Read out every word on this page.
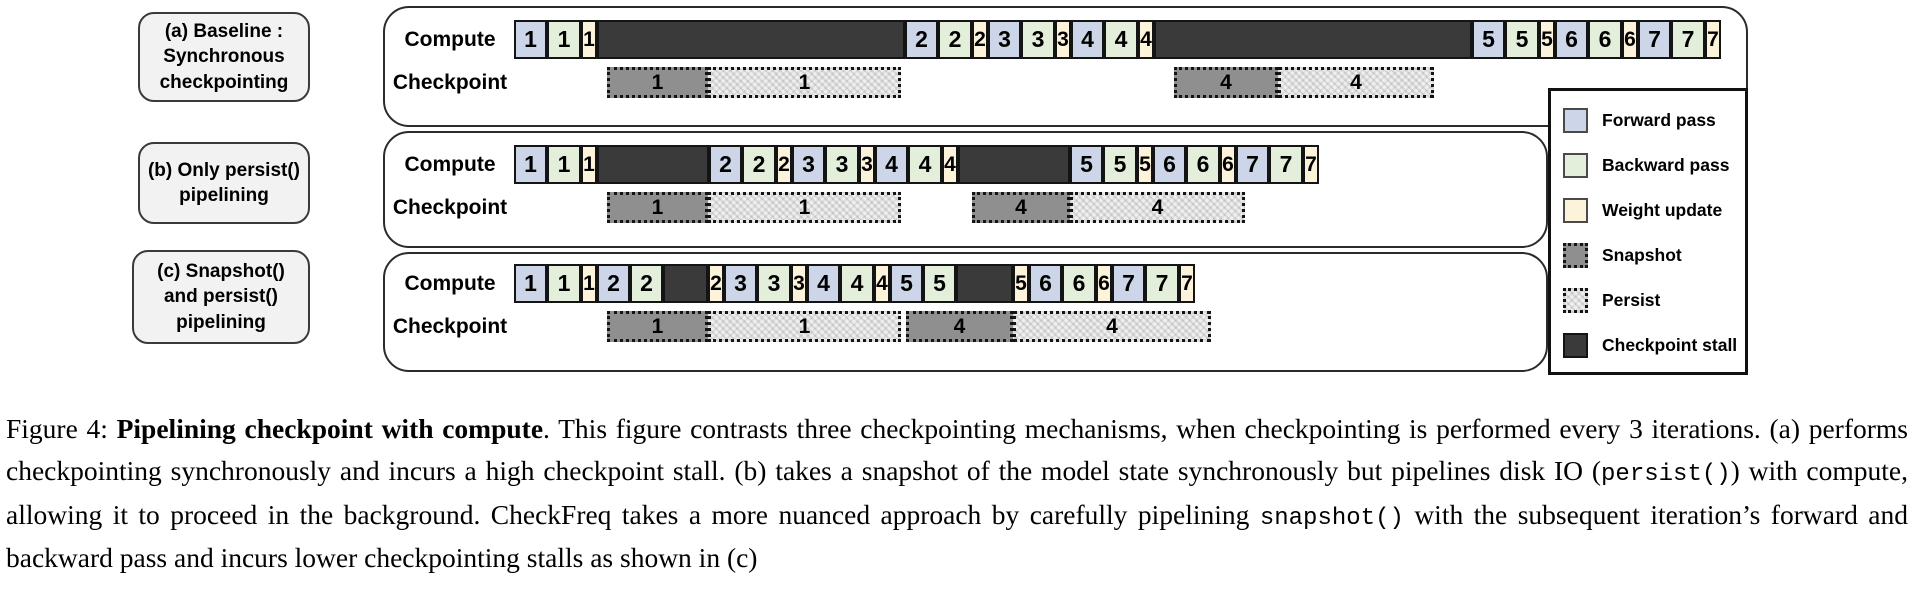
(a) Baseline :
Synchronous
checkpointing
Compute	1 1 1	2 2 2 3 3 3 4 4 4	5 5 5 6 6 6 7 7 7
Checkpoint	1	1	4	4
(b) Only persist()
pipelining
Compute	1 1 1	2 2 2 3 3 3 4 4 4	5 5 5 6 6 6 7 7 7
Checkpoint	1	1	4	4
(c) Snapshot()
and persist()
pipelining
Compute	1 1 1 2 2	2 3 3 3 4 4 4 5 5	5 6 6 6 7 7 7
Checkpoint	1	1	4	4
Forward pass
Backward pass
Weight update
Snapshot
Persist
Checkpoint stall

Figure 4: Pipelining checkpoint with compute. This figure contrasts three checkpointing mechanisms, when checkpointing is performed every 3 iterations. (a) performs checkpointing synchronously and incurs a high checkpoint stall. (b) takes a snapshot of the model state synchronously but pipelines disk IO (persist()) with compute, allowing it to proceed in the background. CheckFreq takes a more nuanced approach by carefully pipelining snapshot() with the subsequent iteration’s forward and backward pass and incurs lower checkpointing stalls as shown in (c)
